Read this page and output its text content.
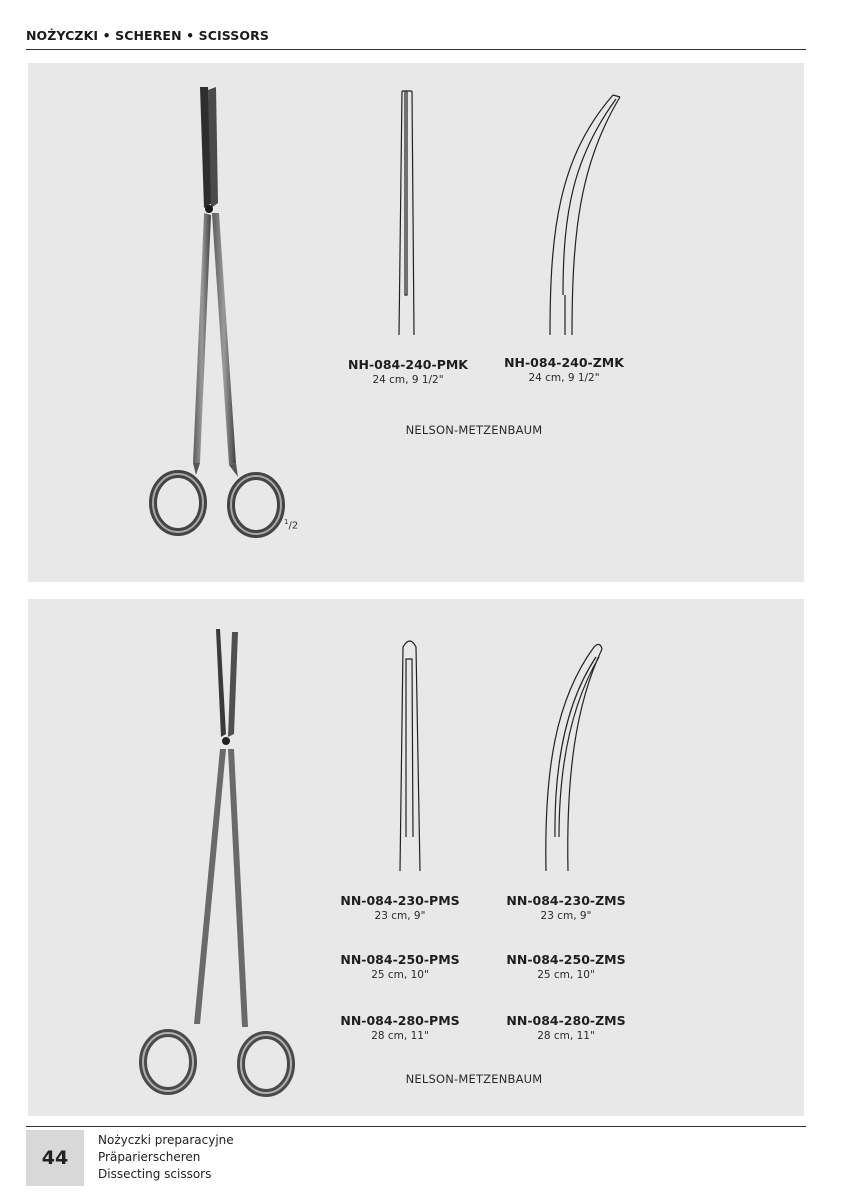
NOŻYCZKI • SCHEREN • SCISSORS
$^1$/2
NH-084-240-PMK
24 cm, 9 1/2"
NH-084-240-ZMK
24 cm, 9 1/2"
NELSON-METZENBAUM
NN-084-230-PMS
23 cm, 9"
NN-084-230-ZMS
23 cm, 9"
NN-084-250-PMS
25 cm, 10"
NN-084-250-ZMS
25 cm, 10"
NN-084-280-PMS
28 cm, 11"
NN-084-280-ZMS
28 cm, 11"
NELSON-METZENBAUM
44
Nożyczki preparacyjne
Präparierscheren
Dissecting scissors
